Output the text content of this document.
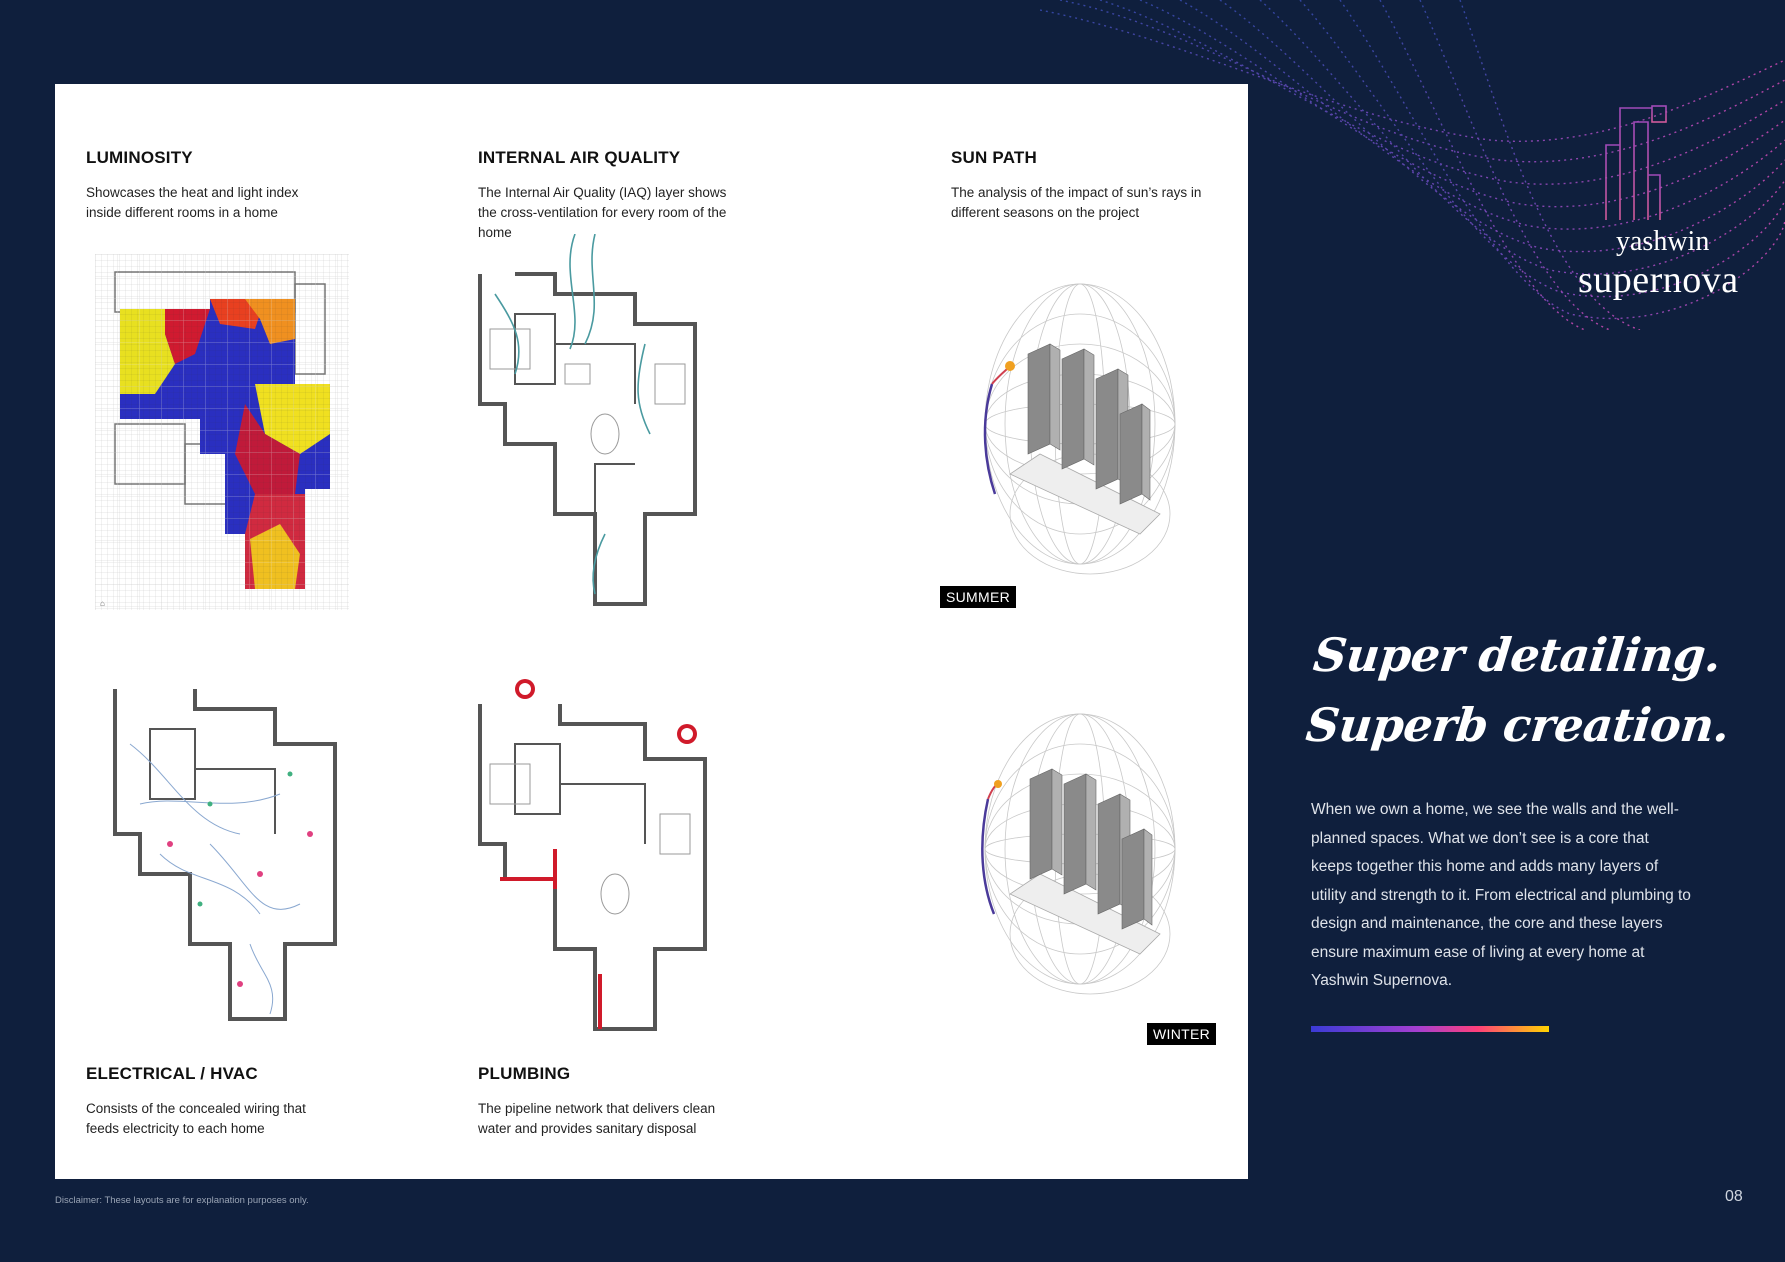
LUMINOSITY
Showcases the heat and light index inside different rooms in a home
⌂
INTERNAL AIR QUALITY
The Internal Air Quality (IAQ) layer shows the cross-ventilation for every room of the home
SUN PATH
The analysis of the impact of sun’s rays in different seasons on the project
SUMMER
WINTER
ELECTRICAL / HVAC
Consists of the concealed wiring that feeds electricity to each home
PLUMBING
The pipeline network that delivers clean water and provides sanitary disposal
yashwin
supernova
Super detailing.
Superb creation.
When we own a home, we see the walls and the well-planned spaces. What we don’t see is a core that keeps together this home and adds many layers of utility and strength to it. From electrical and plumbing to design and maintenance, the core and these layers ensure maximum ease of living at every home at Yashwin Supernova.
Disclaimer: These layouts are for explanation purposes only.	08
